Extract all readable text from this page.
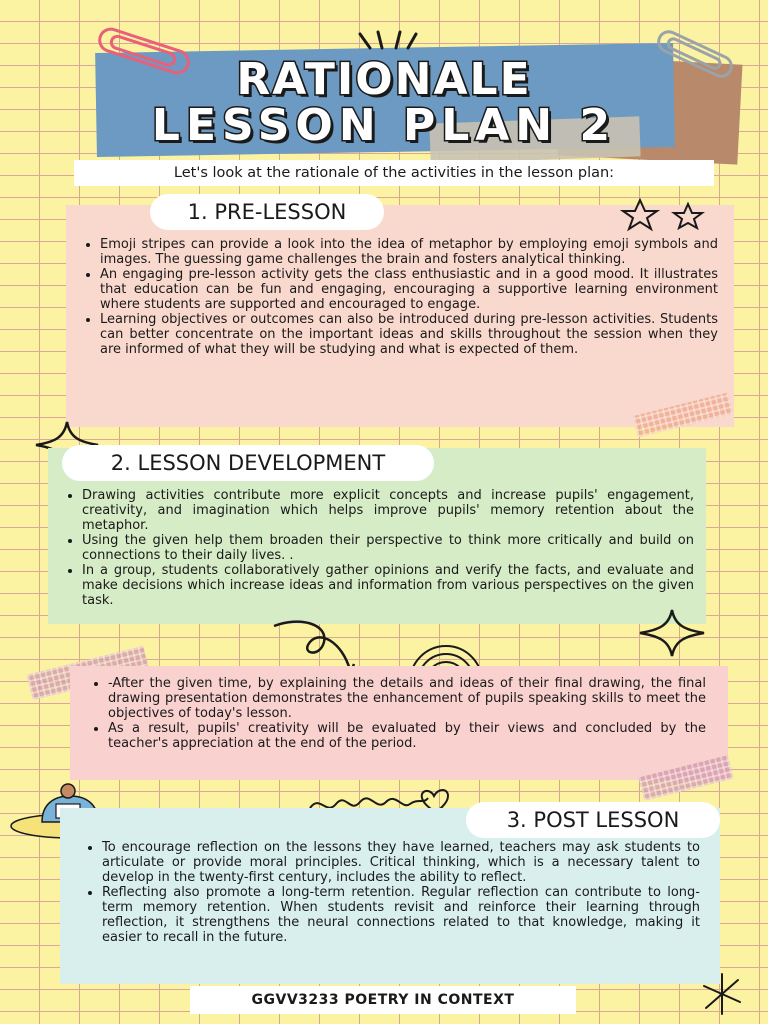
RATIONALE
LESSON PLAN 2
Let's look at the rationale of the activities in the lesson plan:
• Emoji stripes can provide a look into the idea of metaphor by employing emoji symbols and images. The guessing game challenges the brain and fosters analytical thinking.
• An engaging pre-lesson activity gets the class enthusiastic and in a good mood. It illustrates that education can be fun and engaging, encouraging a supportive learning environment where students are supported and encouraged to engage.
• Learning objectives or outcomes can also be introduced during pre-lesson activities. Students can better concentrate on the important ideas and skills throughout the session when they are informed of what they will be studying and what is expected of them.
1. PRE-LESSON
• Drawing activities contribute more explicit concepts and increase pupils' engagement, creativity, and imagination which helps improve pupils' memory retention about the metaphor.
• Using the given help them broaden their perspective to think more critically and build on connections to their daily lives. .
• In a group, students collaboratively gather opinions and verify the facts, and evaluate and make decisions which increase ideas and information from various perspectives on the given task.
2. LESSON DEVELOPMENT
• -After the given time, by explaining the details and ideas of their final drawing, the final drawing presentation demonstrates the enhancement of pupils speaking skills to meet the objectives of today's lesson.
• As a result, pupils' creativity will be evaluated by their views and concluded by the teacher's appreciation at the end of the period.
• To encourage reflection on the lessons they have learned, teachers may ask students to articulate or provide moral principles. Critical thinking, which is a necessary talent to develop in the twenty-first century, includes the ability to reflect.
• Reflecting also promote a long-term retention. Regular reflection can contribute to long-term memory retention. When students revisit and reinforce their learning through reflection, it strengthens the neural connections related to that knowledge, making it easier to recall in the future.
3. POST LESSON
GGVV3233 POETRY IN CONTEXT
